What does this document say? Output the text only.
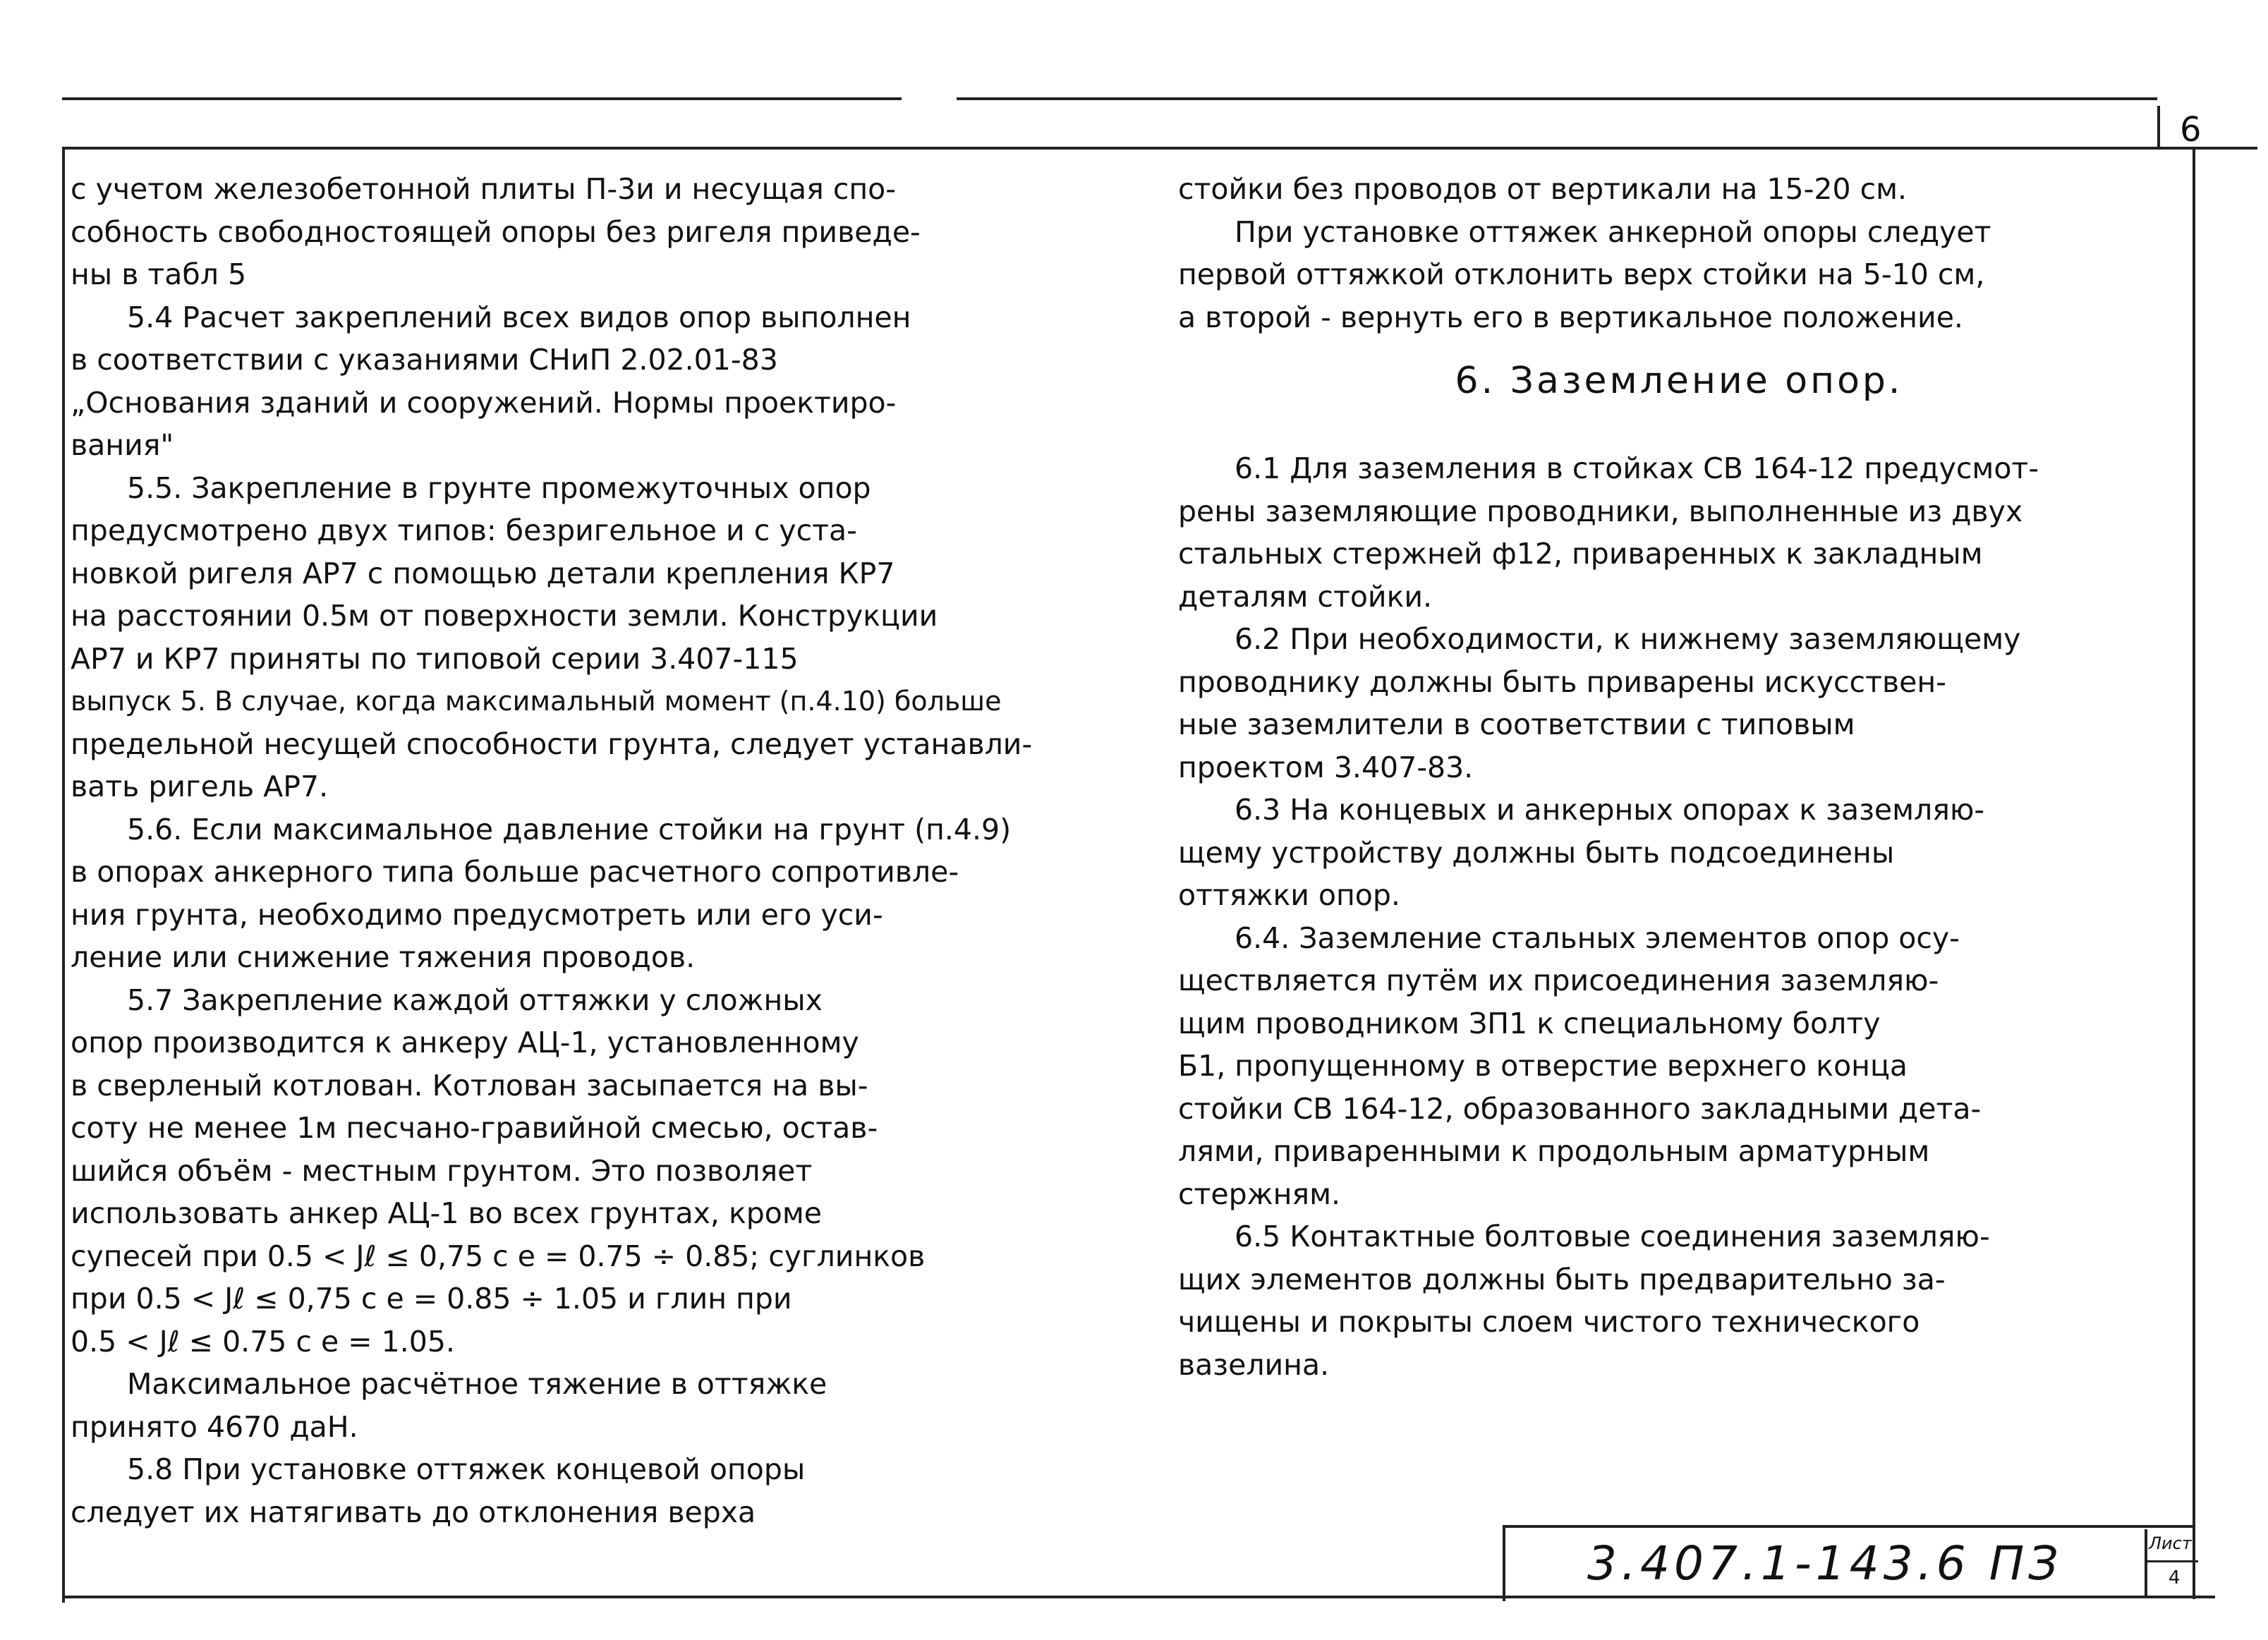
6

с учетом железобетонной плиты П-3и и несущая спо-

собность свободностоящей опоры без ригеля приведе-

ны в табл 5

5.4 Расчет закреплений всех видов опор выполнен

в соответствии с указаниями СНиП 2.02.01-83

„Основания зданий и сооружений. Нормы проектиро-

вания"

5.5. Закрепление в грунте промежуточных опор

предусмотрено двух типов: безригельное и с уста-

новкой ригеля АР7 с помощью детали крепления КР7

на расстоянии 0.5м от поверхности земли. Конструкции

АР7 и КР7 приняты по типовой серии 3.407-115

выпуск 5. В случае, когда максимальный момент (п.4.10) больше

предельной несущей способности грунта, следует устанавли-

вать ригель АР7.

5.6. Если максимальное давление стойки на грунт (п.4.9)

в опорах анкерного типа больше расчетного сопротивле-

ния грунта, необходимо предусмотреть или его уси-

ление или снижение тяжения проводов.

5.7 Закрепление каждой оттяжки у сложных

опор производится к анкеру АЦ-1, установленному

в сверленый котлован. Котлован засыпается на вы-

соту не менее 1м песчано-гравийной смесью, остав-

шийся объём - местным грунтом. Это позволяет

использовать анкер АЦ-1 во всех грунтах, кроме

супесей при 0.5 < Jℓ ≤ 0,75 с e = 0.75 ÷ 0.85; суглинков

при 0.5 < Jℓ ≤ 0,75 с e = 0.85 ÷ 1.05 и глин при

0.5 < Jℓ ≤ 0.75 с e = 1.05.

Максимальное расчётное тяжение в оттяжке

принято 4670 даН.

5.8 При установке оттяжек концевой опоры

следует их натягивать до отклонения верха

стойки без проводов от вертикали на 15-20 см.

При установке оттяжек анкерной опоры следует

первой оттяжкой отклонить верх стойки на 5-10 см,

а второй - вернуть его в вертикальное положение.

6. Заземление опор.

6.1 Для заземления в стойках СВ 164-12 предусмот-

рены заземляющие проводники, выполненные из двух

стальных стержней ф12, приваренных к закладным

деталям стойки.

6.2 При необходимости, к нижнему заземляющему

проводнику должны быть приварены искусствен-

ные заземлители в соответствии с типовым

проектом 3.407-83.

6.3 На концевых и анкерных опорах к заземляю-

щему устройству должны быть подсоединены

оттяжки опор.

6.4. Заземление стальных элементов опор осу-

ществляется путём их присоединения заземляю-

щим проводником ЗП1 к специальному болту

Б1, пропущенному в отверстие верхнего конца

стойки СВ 164-12, образованного закладными дета-

лями, приваренными к продольным арматурным

стержням.

6.5 Контактные болтовые соединения заземляю-

щих элементов должны быть предварительно за-

чищены и покрыты слоем чистого технического

вазелина.

3.407.1-143.6 ПЗ	Лист
4
